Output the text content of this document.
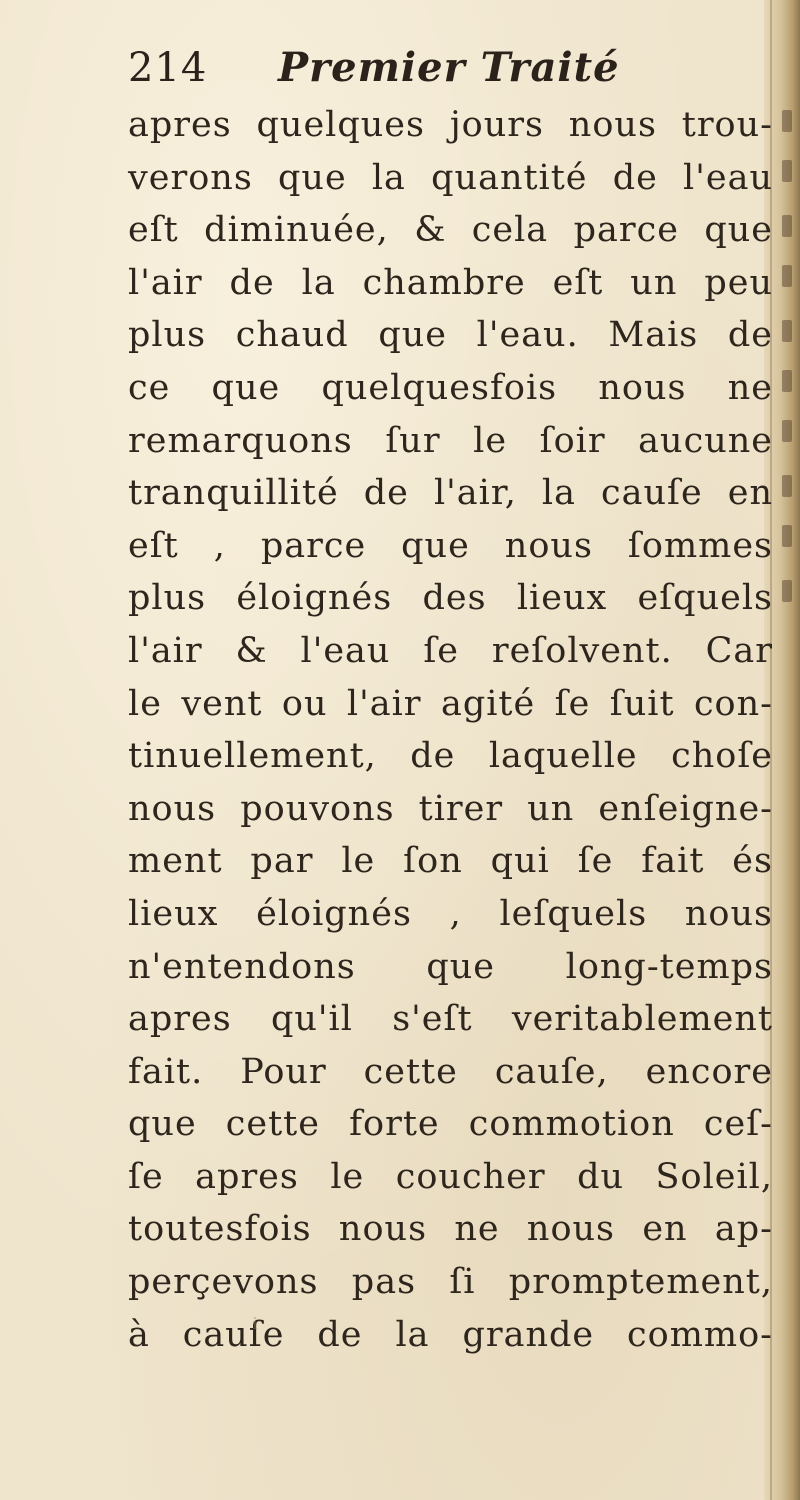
214 Premier Traité
apres quelques jours nous trou-
verons que la quantité de l'eau
eſt diminuée, & cela parce que
l'air de la chambre eſt un peu
plus chaud que l'eau. Mais de
ce que quelquesfois nous ne
remarquons ſur le ſoir aucune
tranquillité de l'air, la cauſe en
eſt , parce que nous ſommes
plus éloignés des lieux eſquels
l'air & l'eau ſe reſolvent. Car
le vent ou l'air agité ſe ſuit con-
tinuellement, de laquelle choſe
nous pouvons tirer un enſeigne-
ment par le ſon qui ſe fait és
lieux éloignés , leſquels nous
n'entendons que long-temps
apres qu'il s'eſt veritablement
fait. Pour cette cauſe, encore
que cette forte commotion ceſ-
ſe apres le coucher du Soleil,
toutesfois nous ne nous en ap-
perçevons pas ſi promptement,
à cauſe de la grande commo-
